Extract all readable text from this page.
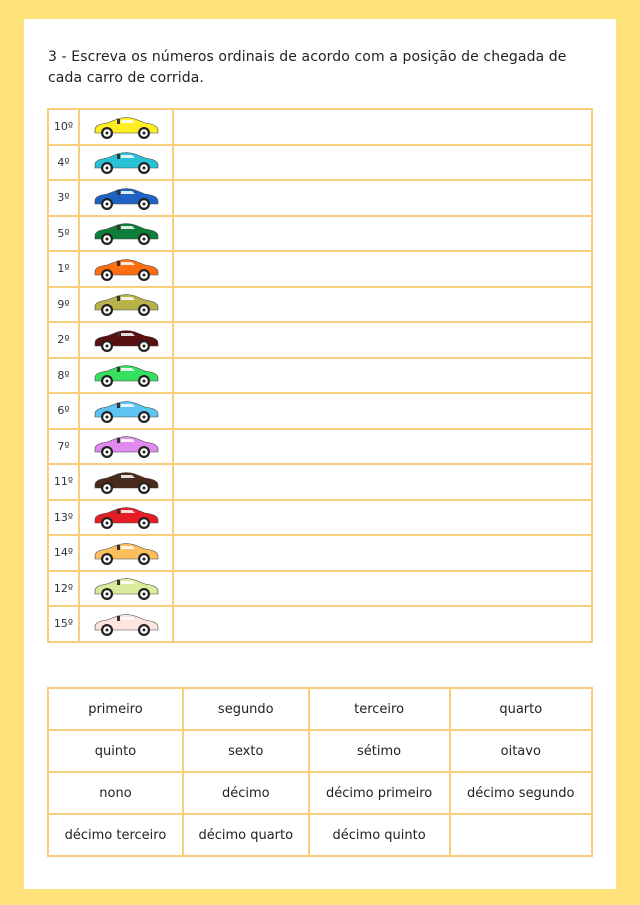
3 - Escreva os números ordinais de acordo com a posição de chegada de cada carro de corrida.
10º	

4º	

3º	

5º	

1º	

9º	

2º	

8º	

6º	

7º	

11º	

13º	

14º	

12º	

15º	

primeiro	segundo	terceiro	quarto
quinto	sexto	sétimo	oitavo
nono	décimo	décimo primeiro	décimo segundo
décimo terceiro	décimo quarto	décimo quinto	
